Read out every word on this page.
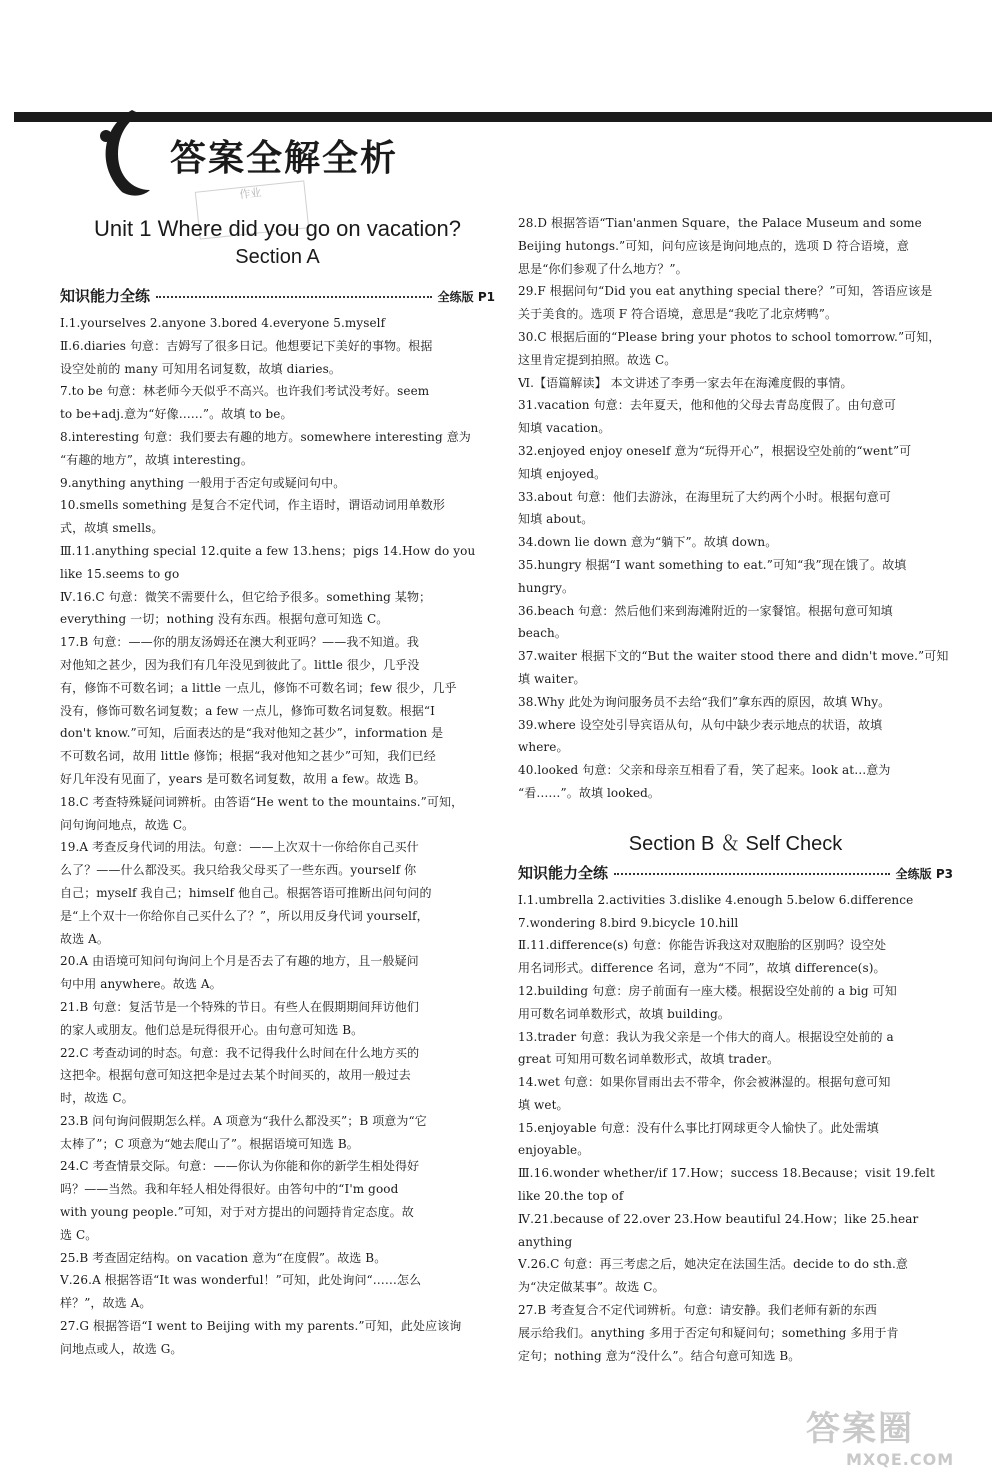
答案全解全析
作业
Unit 1 Where did you go on vacation?
Section A
知识能力全练	全练版 P1
Ⅰ.1.yourselves 2.anyone 3.bored 4.everyone 5.myself
Ⅱ.6.diaries 句意：吉姆写了很多日记。他想要记下美好的事物。根据
设空处前的 many 可知用名词复数，故填 diaries。
7.to be 句意：林老师今天似乎不高兴。也许我们考试没考好。seem
to be+adj.意为“好像……”。故填 to be。
8.interesting 句意：我们要去有趣的地方。somewhere interesting 意为
“有趣的地方”，故填 interesting。
9.anything anything 一般用于否定句或疑问句中。
10.smells something 是复合不定代词，作主语时，谓语动词用单数形
式，故填 smells。
Ⅲ.11.anything special 12.quite a few 13.hens；pigs 14.How do you
like 15.seems to go
Ⅳ.16.C 句意：微笑不需要什么，但它给予很多。something 某物；
everything 一切；nothing 没有东西。根据句意可知选 C。
17.B 句意：——你的朋友汤姆还在澳大利亚吗？——我不知道。我
对他知之甚少，因为我们有几年没见到彼此了。little 很少，几乎没
有，修饰不可数名词；a little 一点儿，修饰不可数名词；few 很少，几乎
没有，修饰可数名词复数；a few 一点儿，修饰可数名词复数。根据“I
don't know.”可知，后面表达的是“我对他知之甚少”，information 是
不可数名词，故用 little 修饰；根据“我对他知之甚少”可知，我们已经
好几年没有见面了，years 是可数名词复数，故用 a few。故选 B。
18.C 考查特殊疑问词辨析。由答语“He went to the mountains.”可知，
问句询问地点，故选 C。
19.A 考查反身代词的用法。句意：——上次双十一你给你自己买什
么了？——什么都没买。我只给我父母买了一些东西。yourself 你
自己；myself 我自己；himself 他自己。根据答语可推断出问句问的
是“上个双十一你给你自己买什么了？”，所以用反身代词 yourself，
故选 A。
20.A 由语境可知问句询问上个月是否去了有趣的地方，且一般疑问
句中用 anywhere。故选 A。
21.B 句意：复活节是一个特殊的节日。有些人在假期期间拜访他们
的家人或朋友。他们总是玩得很开心。由句意可知选 B。
22.C 考查动词的时态。句意：我不记得我什么时间在什么地方买的
这把伞。根据句意可知这把伞是过去某个时间买的，故用一般过去
时，故选 C。
23.B 问句询问假期怎么样。A 项意为“我什么都没买”；B 项意为“它
太棒了”；C 项意为“她去爬山了”。根据语境可知选 B。
24.C 考查情景交际。句意：——你认为你能和你的新学生相处得好
吗？——当然。我和年轻人相处得很好。由答句中的“I'm good
with young people.”可知，对于对方提出的问题持肯定态度。故
选 C。
25.B 考查固定结构。on vacation 意为“在度假”。故选 B。
Ⅴ.26.A 根据答语“It was wonderful！”可知，此处询问“……怎么
样？”，故选 A。
27.G 根据答语“I went to Beijing with my parents.”可知，此处应该询
问地点或人，故选 G。
28.D 根据答语“Tian'anmen Square，the Palace Museum and some
Beijing hutongs.”可知，问句应该是询问地点的，选项 D 符合语境，意
思是“你们参观了什么地方？”。
29.F 根据问句“Did you eat anything special there？”可知，答语应该是
关于美食的。选项 F 符合语境，意思是“我吃了北京烤鸭”。
30.C 根据后面的“Please bring your photos to school tomorrow.”可知，
这里肯定提到拍照。故选 C。
Ⅵ.【语篇解读】 本文讲述了李勇一家去年在海滩度假的事情。
31.vacation 句意：去年夏天，他和他的父母去青岛度假了。由句意可
知填 vacation。
32.enjoyed enjoy oneself 意为“玩得开心”，根据设空处前的“went”可
知填 enjoyed。
33.about 句意：他们去游泳，在海里玩了大约两个小时。根据句意可
知填 about。
34.down lie down 意为“躺下”。故填 down。
35.hungry 根据“I want something to eat.”可知“我”现在饿了。故填
hungry。
36.beach 句意：然后他们来到海滩附近的一家餐馆。根据句意可知填
beach。
37.waiter 根据下文的“But the waiter stood there and didn't move.”可知
填 waiter。
38.Why 此处为询问服务员不去给“我们”拿东西的原因，故填 Why。
39.where 设空处引导宾语从句，从句中缺少表示地点的状语，故填
where。
40.looked 句意：父亲和母亲互相看了看，笑了起来。look at…意为
“看……”。故填 looked。
Section B ＆ Self Check
知识能力全练	全练版 P3
Ⅰ.1.umbrella 2.activities 3.dislike 4.enough 5.below 6.difference
7.wondering 8.bird 9.bicycle 10.hill
Ⅱ.11.difference(s) 句意：你能告诉我这对双胞胎的区别吗？设空处
用名词形式。difference 名词，意为“不同”，故填 difference(s)。
12.building 句意：房子前面有一座大楼。根据设空处前的 a big 可知
用可数名词单数形式，故填 building。
13.trader 句意：我认为我父亲是一个伟大的商人。根据设空处前的 a
great 可知用可数名词单数形式，故填 trader。
14.wet 句意：如果你冒雨出去不带伞，你会被淋湿的。根据句意可知
填 wet。
15.enjoyable 句意：没有什么事比打网球更令人愉快了。此处需填
enjoyable。
Ⅲ.16.wonder whether/if 17.How；success 18.Because；visit 19.felt
like 20.the top of
Ⅳ.21.because of 22.over 23.How beautiful 24.How；like 25.hear
anything
Ⅴ.26.C 句意：再三考虑之后，她决定在法国生活。decide to do sth.意
为“决定做某事”。故选 C。
27.B 考查复合不定代词辨析。句意：请安静。我们老师有新的东西
展示给我们。anything 多用于否定句和疑问句；something 多用于肯
定句；nothing 意为“没什么”。结合句意可知选 B。
答案圈
MXQE.COM
